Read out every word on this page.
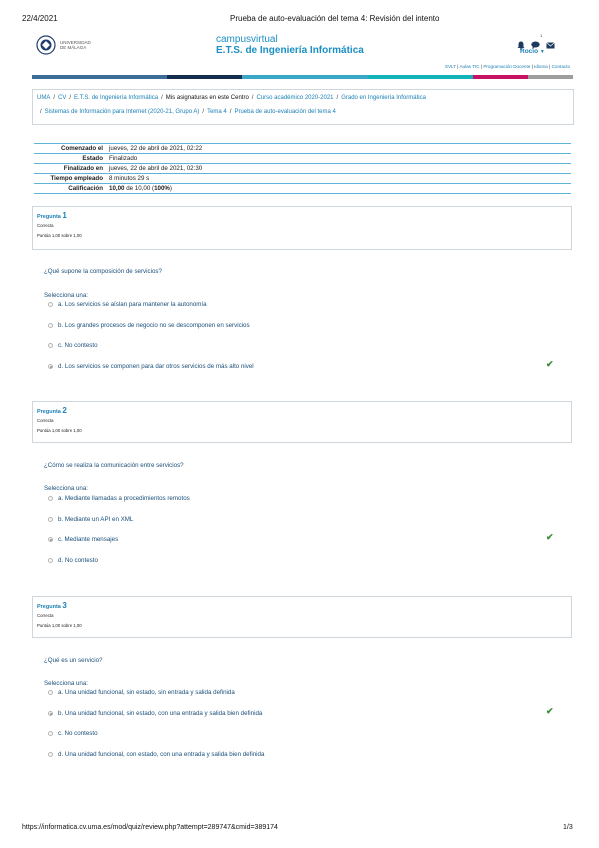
22/4/2021	Prueba de auto-evaluación del tema 4: Revisión del intento
UNIVERSIDAD
DE MÁLAGA
campusvirtual
E.T.S. de Ingeniería Informática
1
Rocío ▼
SVLT | Aulas TIC | Programación Docente | Idioma | Contacto
UMA / CV / E.T.S. de Ingeniería Informática / Mis asignaturas en este Centro / Curso académico 2020-2021 / Grado en Ingeniería Informática
/ Sistemas de Información para Internet (2020-21, Grupo A) / Tema 4 / Prueba de auto-evaluación del tema 4
Comenzado el	jueves, 22 de abril de 2021, 02:22
Estado	Finalizado
Finalizado en	jueves, 22 de abril de 2021, 02:30
Tiempo empleado	8 minutos 29 s
Calificación	10,00 de 10,00 (100%)
Pregunta 1
Correcta
Puntúa 1,00 sobre 1,00
¿Qué supone la composición de servicios?
Selecciona una:
a. Los servicios se aíslan para mantener la autonomía
b. Los grandes procesos de negocio no se descomponen en servicios
c. No contesto
d. Los servicios se componen para dar otros servicios de más alto nivel	✔
Pregunta 2
Correcta
Puntúa 1,00 sobre 1,00
¿Cómo se realiza la comunicación entre servicios?
Selecciona una:
a. Mediante llamadas a procedimientos remotos
b. Mediante un API en XML
c. Mediante mensajes
d. No contesto
✔
Pregunta 3
Correcta
Puntúa 1,00 sobre 1,00
¿Qué es un servicio?
Selecciona una:
a. Una unidad funcional, sin estado, sin entrada y salida definida
b. Una unidad funcional, sin estado, con una entrada y salida bien definida
c. No contesto
d. Una unidad funcional, con estado, con una entrada y salida bien definida
✔
https://informatica.cv.uma.es/mod/quiz/review.php?attempt=289747&cmid=389174	1/3
